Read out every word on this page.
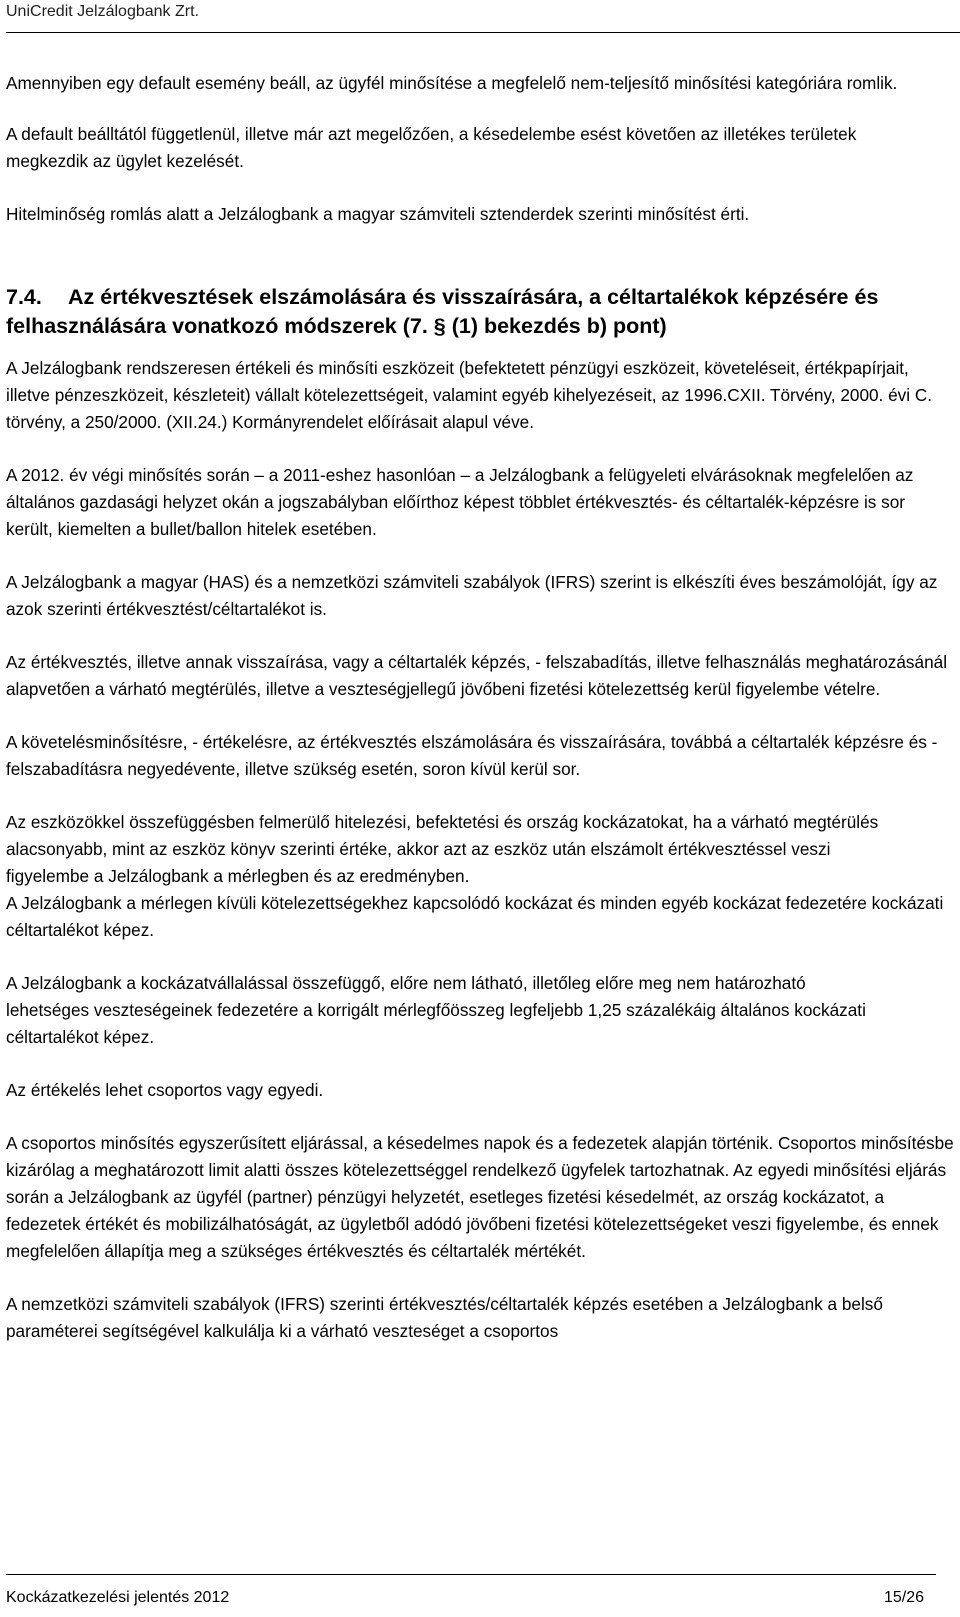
UniCredit Jelzálogbank Zrt.

Amennyiben egy default esemény beáll, az ügyfél minősítése a megfelelő nem-teljesítő minősítési kategóriára romlik.

A default beálltától függetlenül, illetve már azt megelőzően, a késedelembe esést követően az illetékes területek megkezdik az ügylet kezelését.

Hitelminőség romlás alatt a Jelzálogbank a magyar számviteli sztenderdek szerinti minősítést érti.

7.4. Az értékvesztések elszámolására és visszaírására, a céltartalékok képzésére és felhasználására vonatkozó módszerek (7. § (1) bekezdés b) pont)

A Jelzálogbank rendszeresen értékeli és minősíti eszközeit (befektetett pénzügyi eszközeit, követeléseit, értékpapírjait, illetve pénzeszközeit, készleteit) vállalt kötelezettségeit, valamint egyéb kihelyezéseit, az 1996.CXII. Törvény, 2000. évi C. törvény, a 250/2000. (XII.24.) Kormányrendelet előírásait alapul véve.

A 2012. év végi minősítés során – a 2011-eshez hasonlóan – a Jelzálogbank a felügyeleti elvárásoknak megfelelően az általános gazdasági helyzet okán a jogszabályban előírthoz képest többlet értékvesztés- és céltartalék-képzésre is sor került, kiemelten a bullet/ballon hitelek esetében.

A Jelzálogbank a magyar (HAS) és a nemzetközi számviteli szabályok (IFRS) szerint is elkészíti éves beszámolóját, így az azok szerinti értékvesztést/céltartalékot is.

Az értékvesztés, illetve annak visszaírása, vagy a céltartalék képzés, - felszabadítás, illetve felhasználás meghatározásánál alapvetően a várható megtérülés, illetve a veszteségjellegű jövőbeni fizetési kötelezettség kerül figyelembe vételre.

A követelésminősítésre, - értékelésre, az értékvesztés elszámolására és visszaírására, továbbá a céltartalék képzésre és - felszabadításra negyedévente, illetve szükség esetén, soron kívül kerül sor.

Az eszközökkel összefüggésben felmerülő hitelezési, befektetési és ország kockázatokat, ha a várható megtérülés alacsonyabb, mint az eszköz könyv szerinti értéke, akkor azt az eszköz után elszámolt értékvesztéssel veszi figyelembe a Jelzálogbank a mérlegben és az eredményben.

A Jelzálogbank a mérlegen kívüli kötelezettségekhez kapcsolódó kockázat és minden egyéb kockázat fedezetére kockázati céltartalékot képez.

A Jelzálogbank a kockázatvállalással összefüggő, előre nem látható, illetőleg előre meg nem határozható lehetséges veszteségeinek fedezetére a korrigált mérlegfőösszeg legfeljebb 1,25 százalékáig általános kockázati céltartalékot képez.

Az értékelés lehet csoportos vagy egyedi.

A csoportos minősítés egyszerűsített eljárással, a késedelmes napok és a fedezetek alapján történik. Csoportos minősítésbe kizárólag a meghatározott limit alatti összes kötelezettséggel rendelkező ügyfelek tartozhatnak. Az egyedi minősítési eljárás során a Jelzálogbank az ügyfél (partner) pénzügyi helyzetét, esetleges fizetési késedelmét, az ország kockázatot, a fedezetek értékét és mobilizálhatóságát, az ügyletből adódó jövőbeni fizetési kötelezettségeket veszi figyelembe, és ennek megfelelően állapítja meg a szükséges értékvesztés és céltartalék mértékét.

A nemzetközi számviteli szabályok (IFRS) szerinti értékvesztés/céltartalék képzés esetében a Jelzálogbank a belső paraméterei segítségével kalkulálja ki a várható veszteséget a csoportos

Kockázatkezelési jelentés 2012	15/26
